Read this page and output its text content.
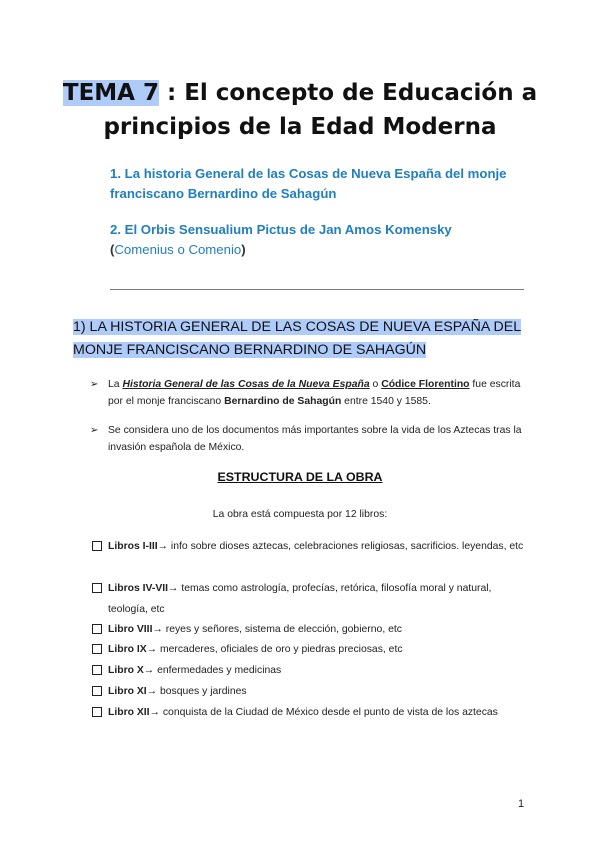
TEMA 7 : El concepto de Educación a
principios de la Edad Moderna
1. La historia General de las Cosas de Nueva España del monje franciscano Bernardino de Sahagún
2. El Orbis Sensualium Pictus de Jan Amos Komensky
(Comenius o Comenio)
1) LA HISTORIA GENERAL DE LAS COSAS DE NUEVA ESPAÑA DEL MONJE FRANCISCANO BERNARDINO DE SAHAGÚN
➢ La Historia General de las Cosas de la Nueva España o Códice Florentino fue escrita por el monje franciscano Bernardino de Sahagún entre 1540 y 1585.
➢ Se considera uno de los documentos más importantes sobre la vida de los Aztecas tras la invasión española de México.
ESTRUCTURA DE LA OBRA
La obra está compuesta por 12 libros:
Libros I-III→ info sobre dioses aztecas, celebraciones religiosas, sacrificios. leyendas, etc
Libros IV-VII→ temas como astrología, profecías, retórica, filosofía moral y natural, teología, etc
Libro VIII→ reyes y señores, sistema de elección, gobierno, etc
Libro IX→ mercaderes, oficiales de oro y piedras preciosas, etc
Libro X→ enfermedades y medicinas
Libro XI→ bosques y jardines
Libro XII→ conquista de la Ciudad de México desde el punto de vista de los aztecas
1
